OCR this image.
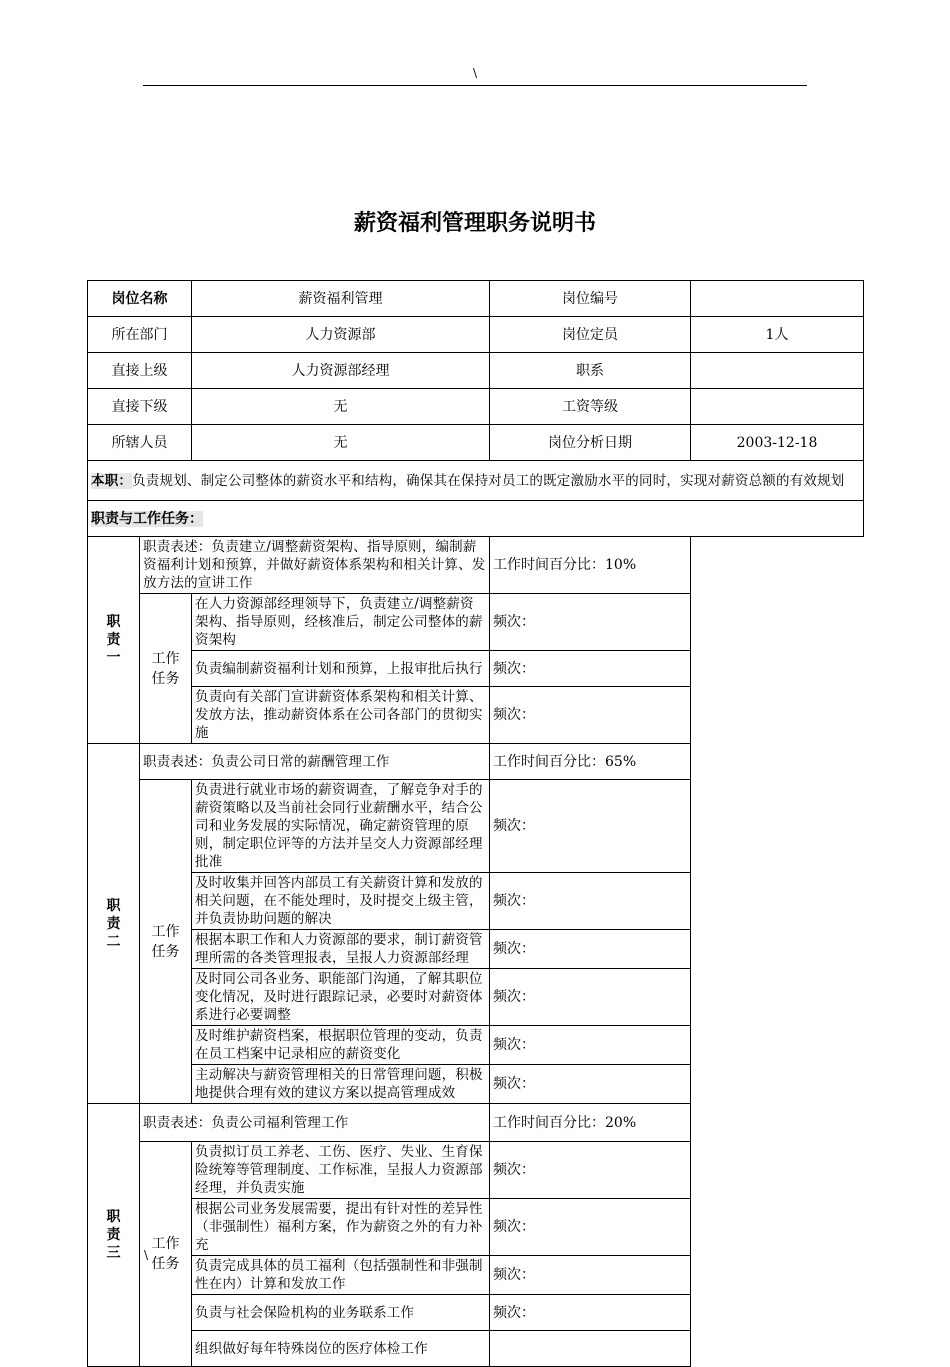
\
薪资福利管理职务说明书
岗位名称		薪资福利管理	岗位编号	
所在部门		人力资源部	岗位定员	1人
直接上级		人力资源部经理	职系	
直接下级		无	工资等级	
所辖人员		无	岗位分析日期	2003-12-18
本职：负责规划、制定公司整体的薪资水平和结构，确保其在保持对员工的既定激励水平的同时，实现对薪资总额的有效规划				
职责与工作任务：				

职责一	职责表述：负责建立/调整薪资架构、指导原则，编制薪资福利计划和预算，并做好薪资体系架构和相关计算、发放方法的宣讲工作		工作时间百分比：10%	

	工作任务	在人力资源部经理领导下，负责建立/调整薪资架构、指导原则，经核准后，制定公司整体的薪资架构	频次：	
		负责编制薪资福利计划和预算，上报审批后执行	频次：	
		负责向有关部门宣讲薪资体系架构和相关计算、发放方法，推动薪资体系在公司各部门的贯彻实施	频次：	

职责二	职责表述：负责公司日常的薪酬管理工作		工作时间百分比：65%	

	工作任务	负责进行就业市场的薪资调查，了解竞争对手的薪资策略以及当前社会同行业薪酬水平，结合公司和业务发展的实际情况，确定薪资管理的原则，制定职位评等的方法并呈交人力资源部经理批准	频次：	
		及时收集并回答内部员工有关薪资计算和发放的相关问题，在不能处理时，及时提交上级主管，并负责协助问题的解决	频次：	
		根据本职工作和人力资源部的要求，制订薪资管理所需的各类管理报表，呈报人力资源部经理	频次：	
		及时同公司各业务、职能部门沟通，了解其职位变化情况，及时进行跟踪记录，必要时对薪资体系进行必要调整	频次：	
		及时维护薪资档案，根据职位管理的变动，负责在员工档案中记录相应的薪资变化	频次：	
		主动解决与薪资管理相关的日常管理问题，积极地提供合理有效的建议方案以提高管理成效	频次：	

职责三	职责表述：负责公司福利管理工作		工作时间百分比：20%	

	工作任务	负责拟订员工养老、工伤、医疗、失业、生育保险统筹等管理制度、工作标准，呈报人力资源部经理，并负责实施	频次：	
		根据公司业务发展需要，提出有针对性的差异性（非强制性）福利方案，作为薪资之外的有力补充	频次：	
		负责完成具体的员工福利（包括强制性和非强制性在内）计算和发放工作	频次：	
		负责与社会保险机构的业务联系工作	频次：	
		组织做好每年特殊岗位的医疗体检工作		
\
